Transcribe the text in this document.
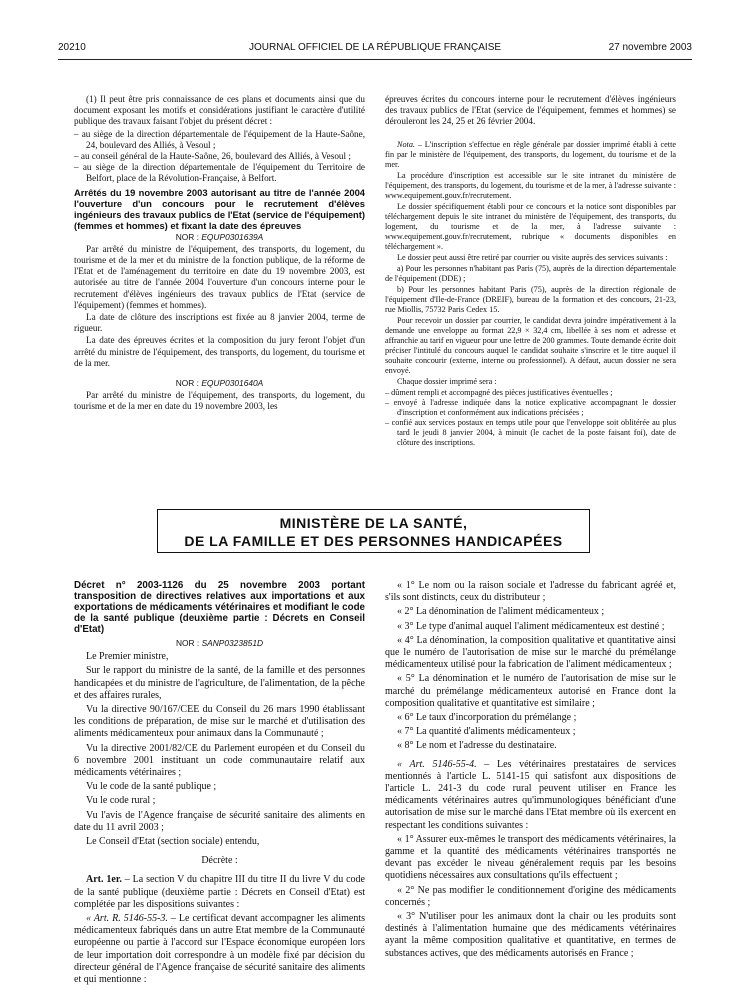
20210	JOURNAL OFFICIEL DE LA RÉPUBLIQUE FRANÇAISE	27 novembre 2003

(1) Il peut être pris connaissance de ces plans et documents ainsi que du document exposant les motifs et considérations justifiant le caractère d'utilité publique des travaux faisant l'objet du présent décret :

– au siège de la direction départementale de l'équipement de la Haute-Saône, 24, boulevard des Alliés, à Vesoul ;
– au conseil général de la Haute-Saône, 26, boulevard des Alliés, à Vesoul ;
– au siège de la direction départementale de l'équipement du Territoire de Belfort, place de la Révolution-Française, à Belfort.

Arrêtés du 19 novembre 2003 autorisant au titre de l'année 2004 l'ouverture d'un concours pour le recrutement d'élèves ingénieurs des travaux publics de l'Etat (service de l'équipement) (femmes et hommes) et fixant la date des épreuves

NOR : EQUP0301639A

Par arrêté du ministre de l'équipement, des transports, du logement, du tourisme et de la mer et du ministre de la fonction publique, de la réforme de l'Etat et de l'aménagement du territoire en date du 19 novembre 2003, est autorisée au titre de l'année 2004 l'ouverture d'un concours interne pour le recrutement d'élèves ingénieurs des travaux publics de l'Etat (service de l'équipement) (femmes et hommes).

La date de clôture des inscriptions est fixée au 8 janvier 2004, terme de rigueur.

La date des épreuves écrites et la composition du jury feront l'objet d'un arrêté du ministre de l'équipement, des transports, du logement, du tourisme et de la mer.

NOR : EQUP0301640A

Par arrêté du ministre de l'équipement, des transports, du logement, du tourisme et de la mer en date du 19 novembre 2003, les

épreuves écrites du concours interne pour le recrutement d'élèves ingénieurs des travaux publics de l'Etat (service de l'équipement, femmes et hommes) se dérouleront les 24, 25 et 26 février 2004.

Nota. – L'inscription s'effectue en règle générale par dossier imprimé établi à cette fin par le ministère de l'équipement, des transports, du logement, du tourisme et de la mer.

La procédure d'inscription est accessible sur le site intranet du ministère de l'équipement, des transports, du logement, du tourisme et de la mer, à l'adresse suivante : www.equipement.gouv.fr/recrutement.

Le dossier spécifiquement établi pour ce concours et la notice sont disponibles par téléchargement depuis le site intranet du ministère de l'équipement, des transports, du logement, du tourisme et de la mer, à l'adresse suivante : www.equipement.gouv.fr/recrutement, rubrique « documents disponibles en téléchargement ».

Le dossier peut aussi être retiré par courrier ou visite auprès des services suivants :

a) Pour les personnes n'habitant pas Paris (75), auprès de la direction départementale de l'équipement (DDE) ;

b) Pour les personnes habitant Paris (75), auprès de la direction régionale de l'équipement d'Ile-de-France (DREIF), bureau de la formation et des concours, 21-23, rue Miollis, 75732 Paris Cedex 15.

Pour recevoir un dossier par courrier, le candidat devra joindre impérativement à la demande une enveloppe au format 22,9 × 32,4 cm, libellée à ses nom et adresse et affranchie au tarif en vigueur pour une lettre de 200 grammes. Toute demande écrite doit préciser l'intitulé du concours auquel le candidat souhaite s'inscrire et le titre auquel il souhaite concourir (externe, interne ou professionnel). A défaut, aucun dossier ne sera envoyé.

Chaque dossier imprimé sera :

– dûment rempli et accompagné des pièces justificatives éventuelles ;
– envoyé à l'adresse indiquée dans la notice explicative accompagnant le dossier d'inscription et conformément aux indications précisées ;
– confié aux services postaux en temps utile pour que l'enveloppe soit oblitérée au plus tard le jeudi 8 janvier 2004, à minuit (le cachet de la poste faisant foi), date de clôture des inscriptions.
MINISTÈRE DE LA SANTÉ,
DE LA FAMILLE ET DES PERSONNES HANDICAPÉES

Décret n° 2003-1126 du 25 novembre 2003 portant transposition de directives relatives aux importations et aux exportations de médicaments vétérinaires et modifiant le code de la santé publique (deuxième partie : Décrets en Conseil d'Etat)

NOR : SANP0323851D

Le Premier ministre,

Sur le rapport du ministre de la santé, de la famille et des personnes handicapées et du ministre de l'agriculture, de l'alimentation, de la pêche et des affaires rurales,

Vu la directive 90/167/CEE du Conseil du 26 mars 1990 établissant les conditions de préparation, de mise sur le marché et d'utilisation des aliments médicamenteux pour animaux dans la Communauté ;

Vu la directive 2001/82/CE du Parlement européen et du Conseil du 6 novembre 2001 instituant un code communautaire relatif aux médicaments vétérinaires ;

Vu le code de la santé publique ;

Vu le code rural ;

Vu l'avis de l'Agence française de sécurité sanitaire des aliments en date du 11 avril 2003 ;

Le Conseil d'Etat (section sociale) entendu,

Décrète :

Art. 1er. – La section V du chapitre III du titre II du livre V du code de la santé publique (deuxième partie : Décrets en Conseil d'Etat) est complétée par les dispositions suivantes :

« Art. R. 5146-55-3. – Le certificat devant accompagner les aliments médicamenteux fabriqués dans un autre Etat membre de la Communauté européenne ou partie à l'accord sur l'Espace économique européen lors de leur importation doit correspondre à un modèle fixé par décision du directeur général de l'Agence française de sécurité sanitaire des aliments et qui mentionne :

« 1° Le nom ou la raison sociale et l'adresse du fabricant agréé et, s'ils sont distincts, ceux du distributeur ;

« 2° La dénomination de l'aliment médicamenteux ;

« 3° Le type d'animal auquel l'aliment médicamenteux est destiné ;

« 4° La dénomination, la composition qualitative et quantitative ainsi que le numéro de l'autorisation de mise sur le marché du prémélange médicamenteux utilisé pour la fabrication de l'aliment médicamenteux ;

« 5° La dénomination et le numéro de l'autorisation de mise sur le marché du prémélange médicamenteux autorisé en France dont la composition qualitative et quantitative est similaire ;

« 6° Le taux d'incorporation du prémélange ;

« 7° La quantité d'aliments médicamenteux ;

« 8° Le nom et l'adresse du destinataire.

« Art. 5146-55-4. – Les vétérinaires prestataires de services mentionnés à l'article L. 5141-15 qui satisfont aux dispositions de l'article L. 241-3 du code rural peuvent utiliser en France les médicaments vétérinaires autres qu'immunologiques bénéficiant d'une autorisation de mise sur le marché dans l'Etat membre où ils exercent en respectant les conditions suivantes :

« 1° Assurer eux-mêmes le transport des médicaments vétérinaires, la gamme et la quantité des médicaments vétérinaires transportés ne devant pas excéder le niveau généralement requis par les besoins quotidiens nécessaires aux consultations qu'ils effectuent ;

« 2° Ne pas modifier le conditionnement d'origine des médicaments concernés ;

« 3° N'utiliser pour les animaux dont la chair ou les produits sont destinés à l'alimentation humaine que des médicaments vétérinaires ayant la même composition qualitative et quantitative, en termes de substances actives, que des médicaments autorisés en France ;
